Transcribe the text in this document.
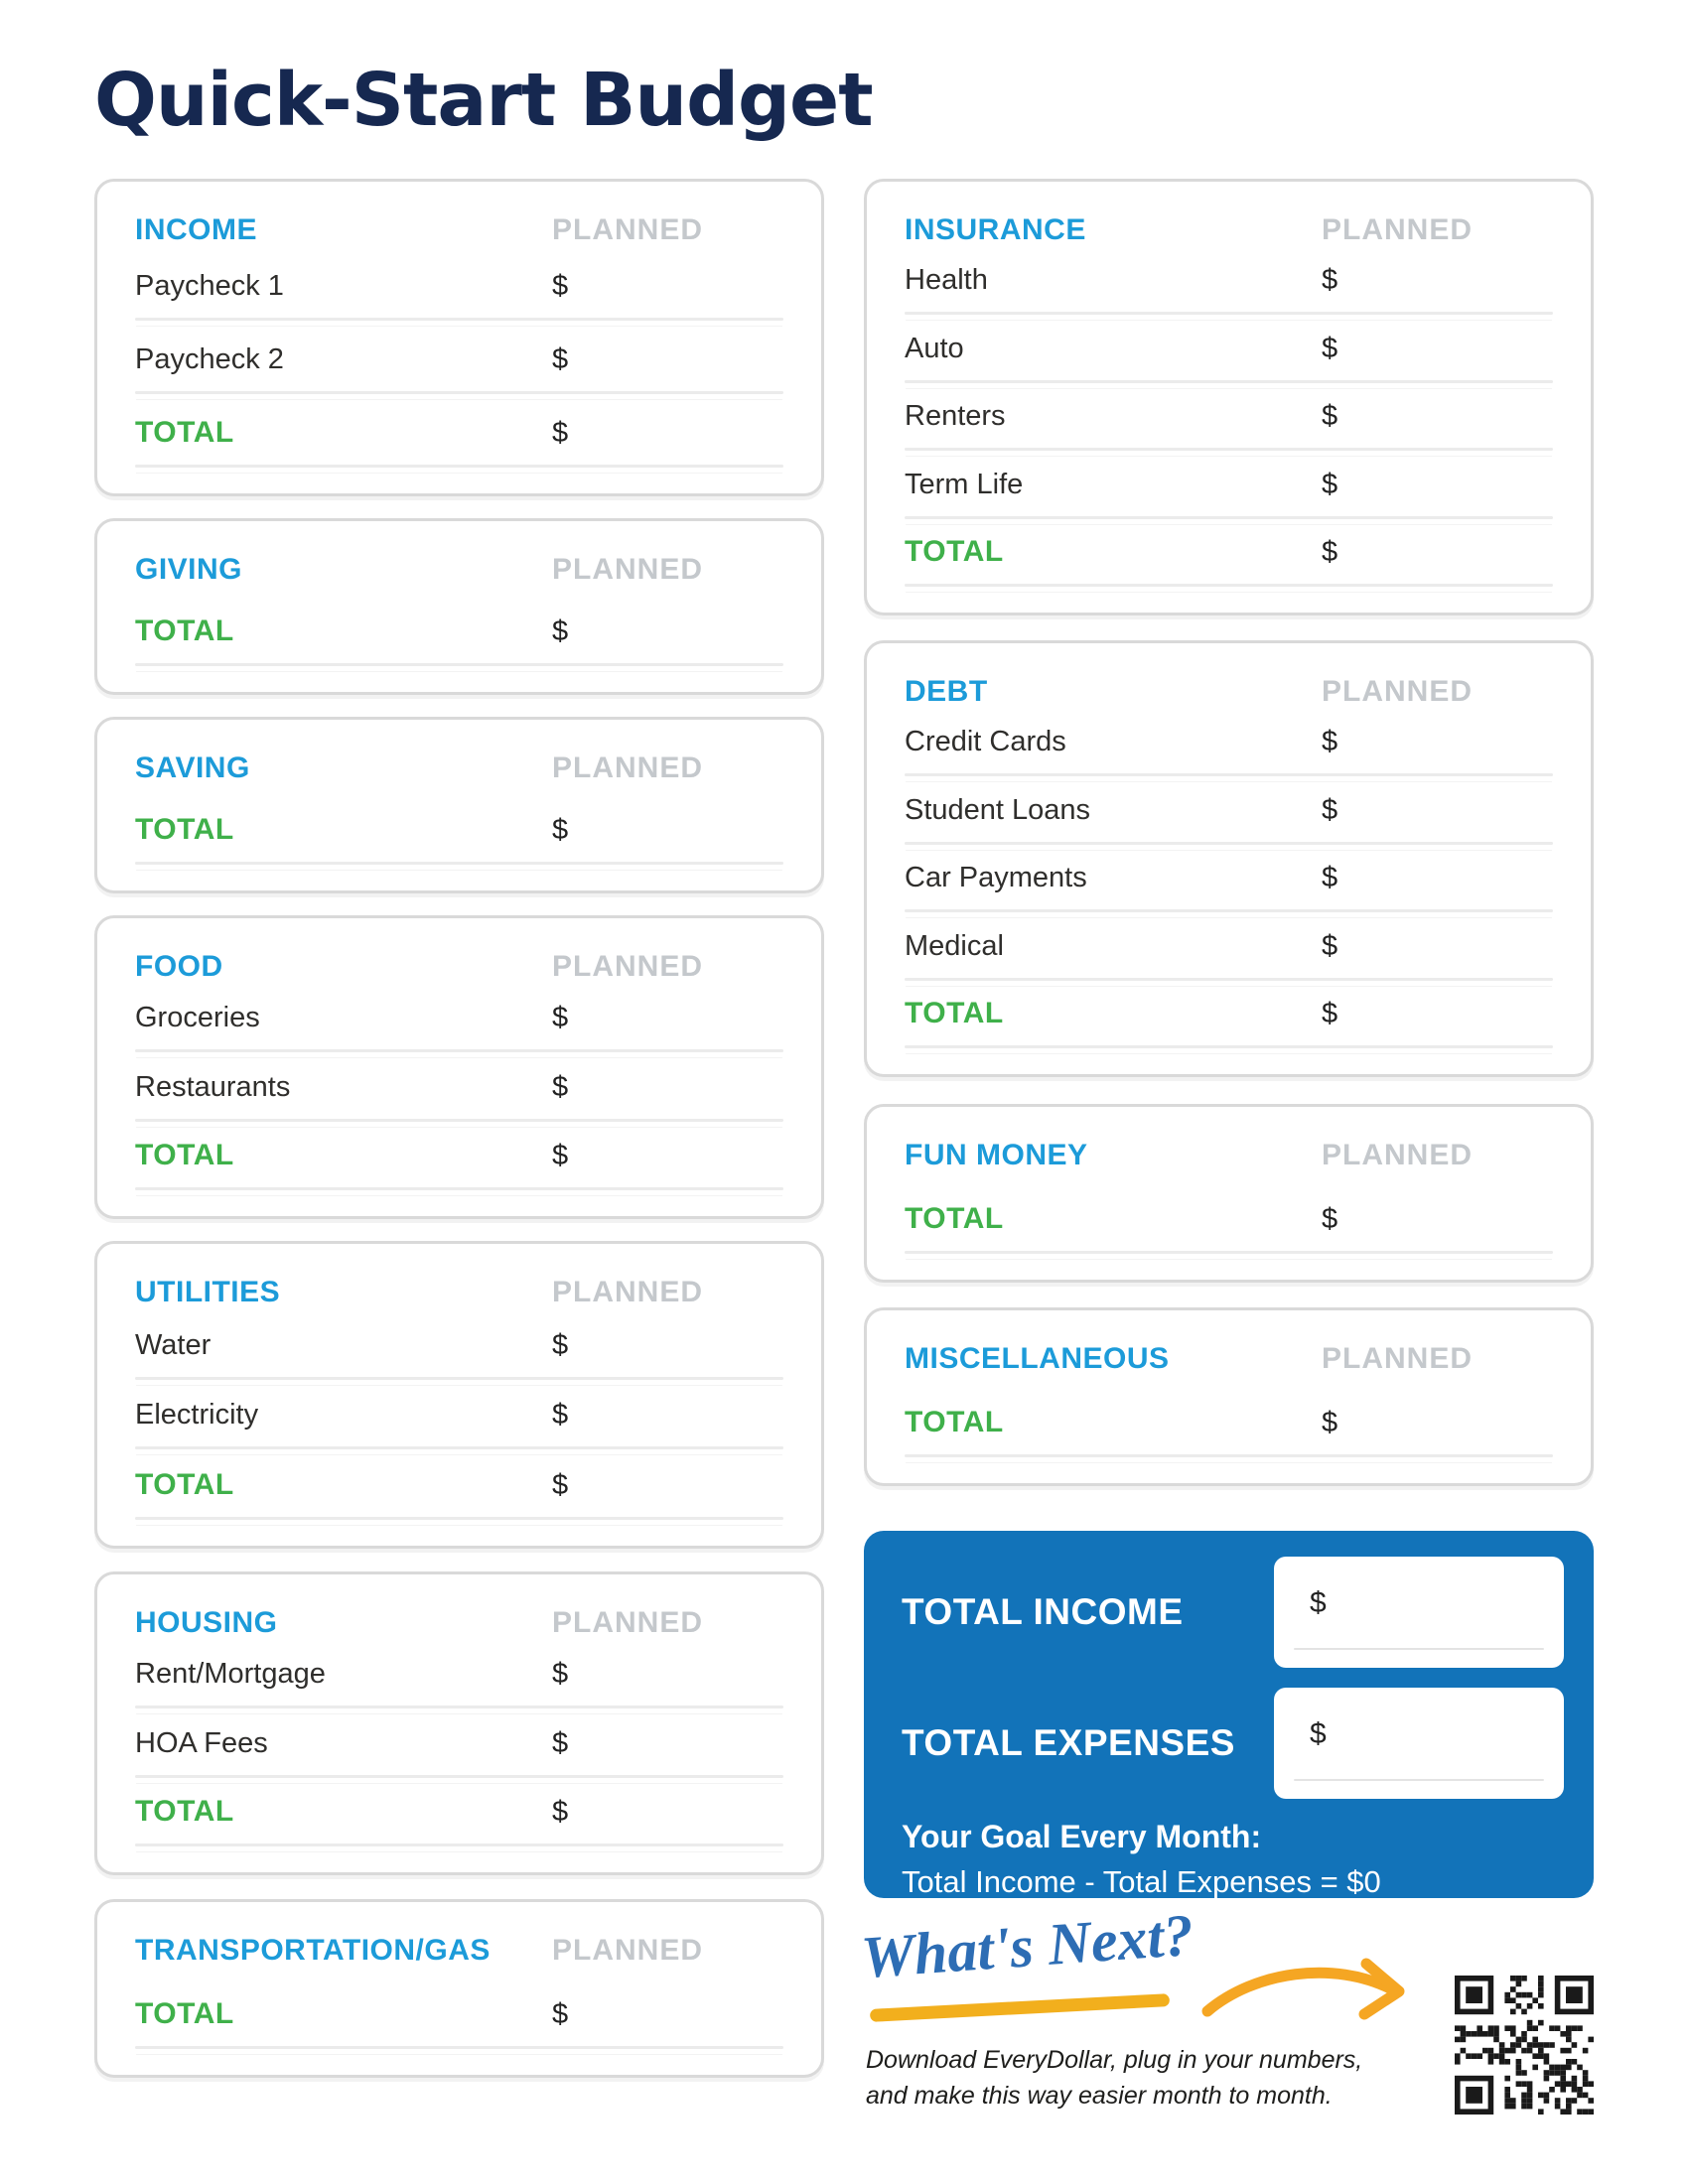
Quick-Start Budget
INCOME	PLANNED
Paycheck 1	$
Paycheck 2	$
TOTAL	$
GIVING	PLANNED
TOTAL	$
SAVING	PLANNED
TOTAL	$
FOOD	PLANNED
Groceries	$
Restaurants	$
TOTAL	$
UTILITIES	PLANNED
Water	$
Electricity	$
TOTAL	$
HOUSING	PLANNED
Rent/Mortgage	$
HOA Fees	$
TOTAL	$
TRANSPORTATION/GAS	PLANNED
TOTAL	$
INSURANCE	PLANNED
Health	$
Auto	$
Renters	$
Term Life	$
TOTAL	$
DEBT	PLANNED
Credit Cards	$
Student Loans	$
Car Payments	$
Medical	$
TOTAL	$
FUN MONEY	PLANNED
TOTAL	$
MISCELLANEOUS	PLANNED
TOTAL	$
TOTAL INCOME	$
TOTAL EXPENSES	$
Your Goal Every Month:
Total Income - Total Expenses = $0
What's Next?

Download EveryDollar, plug in your numbers,
and make this way easier month to month.
